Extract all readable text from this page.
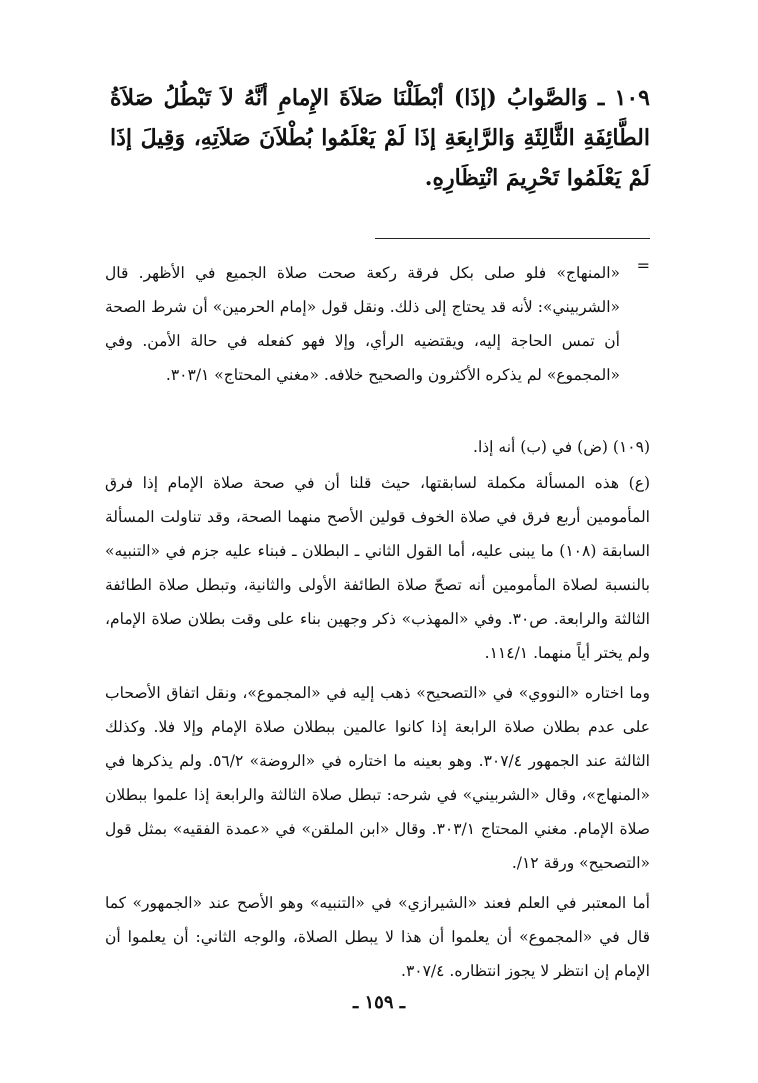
١٠٩ ـ وَالصَّوابُ (إذَا) أبْطَلْنَا صَلاَةَ الإِمامِ أنَّهُ لاَ تَبْطُلُ صَلاَةُ الطَّائِفَةِ الثَّالِثَةِ وَالرَّابِعَةِ إذَا لَمْ يَعْلَمُوا بُطْلاَنَ صَلاَتِهِ، وَقِيلَ إذَا لَمْ يَعْلَمُوا تَحْرِيمَ انْتِظَارِهِ.
=
«المنهاج» فلو صلى بكل فرقة ركعة صحت صلاة الجميع في الأظهر. قال «الشربيني»: لأنه قد يحتاج إلى ذلك. ونقل قول «إمام الحرمين» أن شرط الصحة أن تمس الحاجة إليه، ويقتضيه الرأي، وإلا فهو كفعله في حالة الأمن. وفي «المجموع» لم يذكره الأكثرون والصحيح خلافه. «مغني المحتاج» ٣٠٣/١.

(١٠٩) (ض) في (ب) أنه إذا.

(ع) هذه المسألة مكملة لسابقتها، حيث قلنا أن في صحة صلاة الإمام إذا فرق المأمومين أربع فرق في صلاة الخوف قولين الأصح منهما الصحة، وقد تناولت المسألة السابقة (١٠٨) ما يبنى عليه، أما القول الثاني ـ البطلان ـ فبناء عليه جزم في «التنبيه» بالنسبة لصلاة المأمومين أنه تصحّ صلاة الطائفة الأولى والثانية، وتبطل صلاة الطائفة الثالثة والرابعة. ص٣٠. وفي «المهذب» ذكر وجهين بناء على وقت بطلان صلاة الإمام، ولم يختر أياً منهما. ١١٤/١.

وما اختاره «النووي» في «التصحيح» ذهب إليه في «المجموع»، ونقل اتفاق الأصحاب على عدم بطلان صلاة الرابعة إذا كانوا عالمين ببطلان صلاة الإمام وإلا فلا. وكذلك الثالثة عند الجمهور ٣٠٧/٤. وهو بعينه ما اختاره في «الروضة» ٥٦/٢. ولم يذكرها في «المنهاج»، وقال «الشربيني» في شرحه: تبطل صلاة الثالثة والرابعة إذا علموا ببطلان صلاة الإمام. مغني المحتاج ٣٠٣/١. وقال «ابن الملقن» في «عمدة الفقيه» بمثل قول «التصحيح» ورقة ١٢/.

أما المعتبر في العلم فعند «الشيرازي» في «التنبيه» وهو الأصح عند «الجمهور» كما قال في «المجموع» أن يعلموا أن هذا لا يبطل الصلاة، والوجه الثاني: أن يعلموا أن الإمام إن انتظر لا يجوز انتظاره. ٣٠٧/٤.

ـ ١٥٩ ـ
